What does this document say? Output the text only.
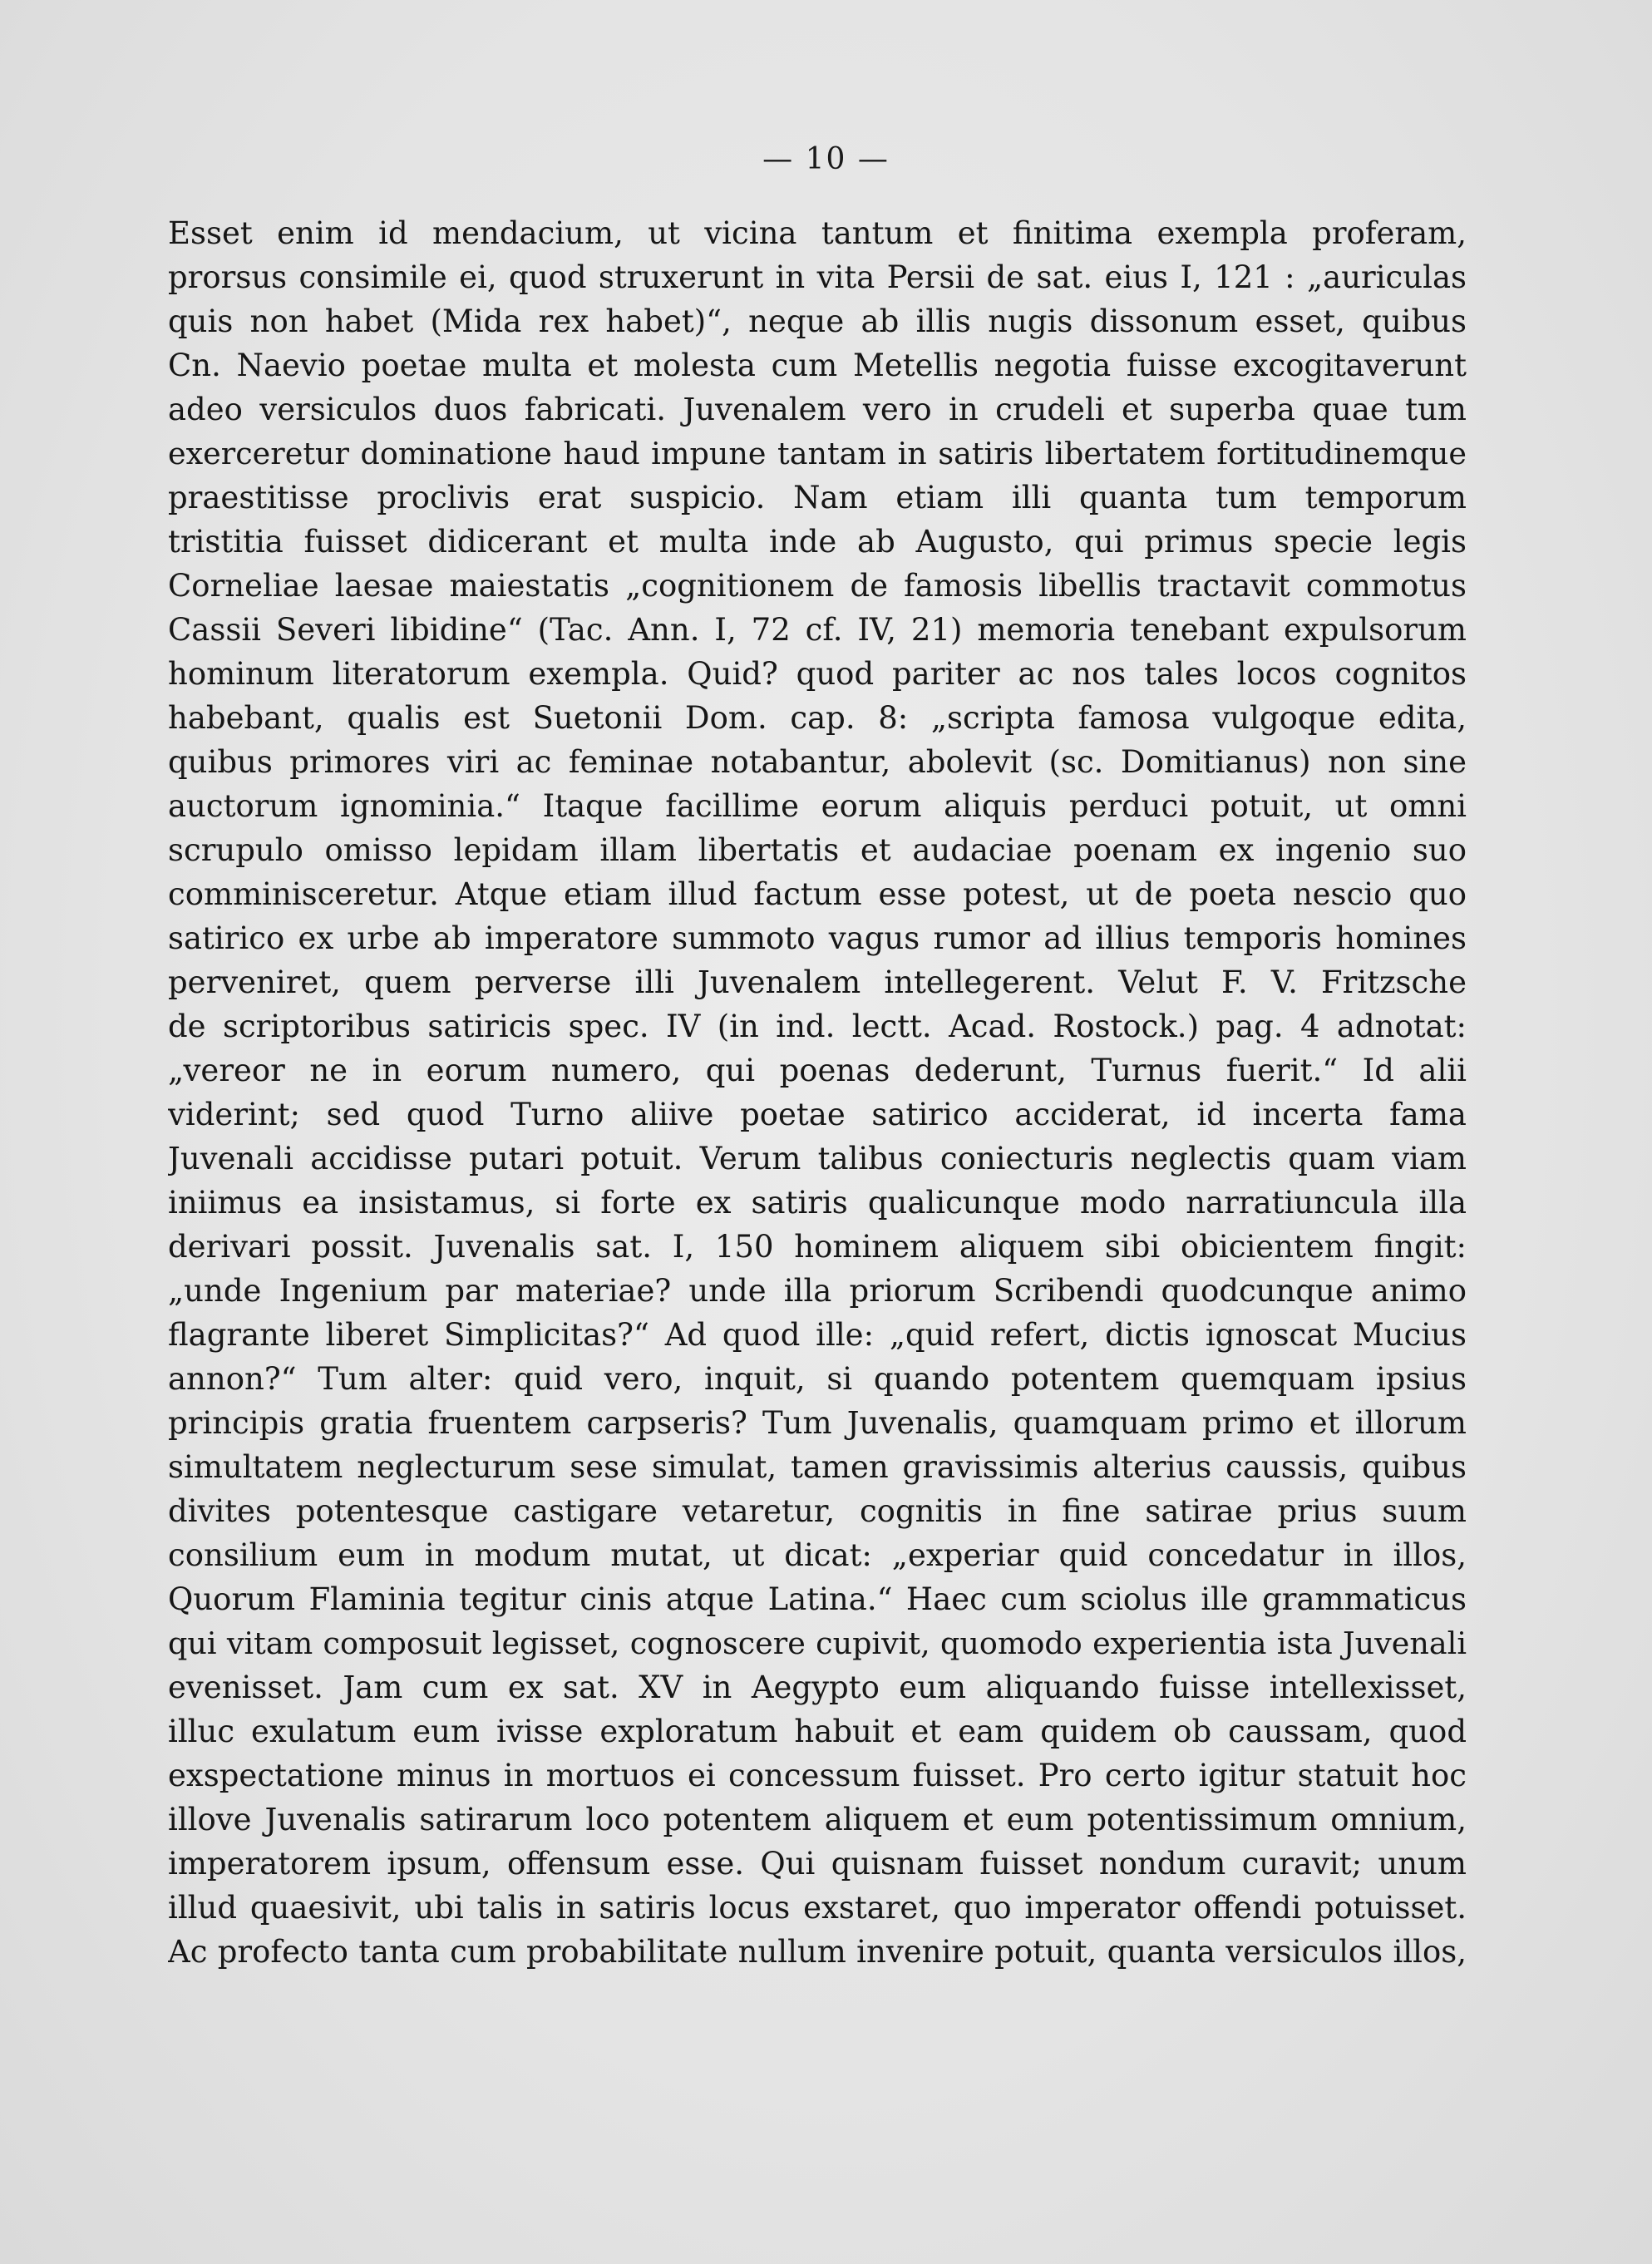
— 10 —
Esset enim id mendacium, ut vicina tantum et finitima exempla proferam,
prorsus consimile ei, quod struxerunt in vita Persii de sat. eius I, 121 : „auriculas
quis non habet (Mida rex habet)“, neque ab illis nugis dissonum esset, quibus
Cn. Naevio poetae multa et molesta cum Metellis negotia fuisse excogitaverunt
adeo versiculos duos fabricati. Juvenalem vero in crudeli et superba quae tum
exerceretur dominatione haud impune tantam in satiris libertatem fortitudinemque
praestitisse proclivis erat suspicio. Nam etiam illi quanta tum temporum
tristitia fuisset didicerant et multa inde ab Augusto, qui primus specie legis
Corneliae laesae maiestatis „cognitionem de famosis libellis tractavit commotus
Cassii Severi libidine“ (Tac. Ann. I, 72 cf. IV, 21) memoria tenebant expulsorum
hominum literatorum exempla. Quid? quod pariter ac nos tales locos cognitos
habebant, qualis est Suetonii Dom. cap. 8: „scripta famosa vulgoque edita,
quibus primores viri ac feminae notabantur, abolevit (sc. Domitianus) non sine
auctorum ignominia.“ Itaque facillime eorum aliquis perduci potuit, ut omni
scrupulo omisso lepidam illam libertatis et audaciae poenam ex ingenio suo
comminisceretur. Atque etiam illud factum esse potest, ut de poeta nescio quo
satirico ex urbe ab imperatore summoto vagus rumor ad illius temporis homines
perveniret, quem perverse illi Juvenalem intellegerent. Velut F. V. Fritzsche
de scriptoribus satiricis spec. IV (in ind. lectt. Acad. Rostock.) pag. 4 adnotat:
„vereor ne in eorum numero, qui poenas dederunt, Turnus fuerit.“ Id alii
viderint; sed quod Turno aliive poetae satirico acciderat, id incerta fama
Juvenali accidisse putari potuit. Verum talibus coniecturis neglectis quam viam
iniimus ea insistamus, si forte ex satiris qualicunque modo narratiuncula illa
derivari possit. Juvenalis sat. I, 150 hominem aliquem sibi obicientem fingit:
„unde Ingenium par materiae? unde illa priorum Scribendi quodcunque animo
flagrante liberet Simplicitas?“ Ad quod ille: „quid refert, dictis ignoscat Mucius
annon?“ Tum alter: quid vero, inquit, si quando potentem quemquam ipsius
principis gratia fruentem carpseris? Tum Juvenalis, quamquam primo et illorum
simultatem neglecturum sese simulat, tamen gravissimis alterius caussis, quibus
divites potentesque castigare vetaretur, cognitis in fine satirae prius suum
consilium eum in modum mutat, ut dicat: „experiar quid concedatur in illos,
Quorum Flaminia tegitur cinis atque Latina.“ Haec cum sciolus ille grammaticus
qui vitam composuit legisset, cognoscere cupivit, quomodo experientia ista Juvenali
evenisset. Jam cum ex sat. XV in Aegypto eum aliquando fuisse intellexisset,
illuc exulatum eum ivisse exploratum habuit et eam quidem ob caussam, quod
exspectatione minus in mortuos ei concessum fuisset. Pro certo igitur statuit hoc
illove Juvenalis satirarum loco potentem aliquem et eum potentissimum omnium,
imperatorem ipsum, offensum esse. Qui quisnam fuisset nondum curavit; unum
illud quaesivit, ubi talis in satiris locus exstaret, quo imperator offendi potuisset.
Ac profecto tanta cum probabilitate nullum invenire potuit, quanta versiculos illos,
